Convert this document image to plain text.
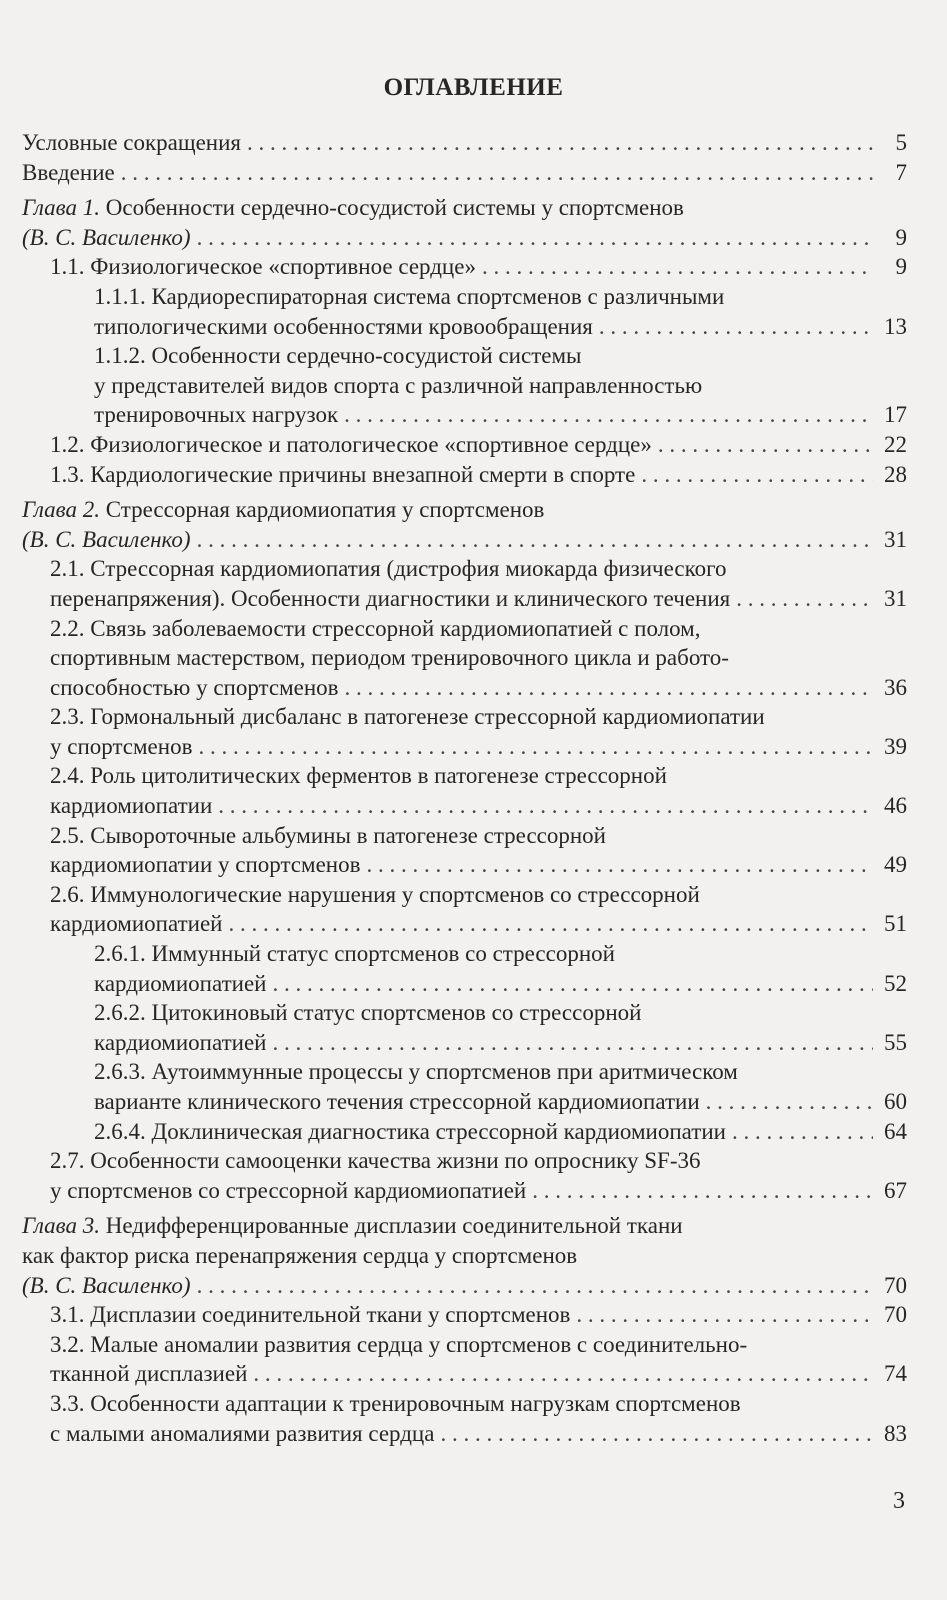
ОГЛАВЛЕНИЕ
Условные сокращения . . .	5
Введение . . .	7
Глава 1. Особенности сердечно-сосудистой системы у спортсменов
(В. С. Василенко) . . .	9
1.1. Физиологическое «спортивное сердце» . . .	9
1.1.1. Кардиореспираторная система спортсменов с различными
типологическими особенностями кровообращения . . .	13
1.1.2. Особенности сердечно-сосудистой системы
у представителей видов спорта с различной направленностью
тренировочных нагрузок . . .	17
1.2. Физиологическое и патологическое «спортивное сердце» . . .	22
1.3. Кардиологические причины внезапной смерти в спорте . . .	28
Глава 2. Стрессорная кардиомиопатия у спортсменов
(В. С. Василенко) . . .	31
2.1. Стрессорная кардиомиопатия (дистрофия миокарда физического
перенапряжения). Особенности диагностики и клинического течения . . .	31
2.2. Связь заболеваемости стрессорной кардиомиопатией с полом,
спортивным мастерством, периодом тренировочного цикла и работо-
способностью у спортсменов . . .	36
2.3. Гормональный дисбаланс в патогенезе стрессорной кардиомиопатии
у спортсменов . . .	39
2.4. Роль цитолитических ферментов в патогенезе стрессорной
кардиомиопатии . . .	46
2.5. Сывороточные альбумины в патогенезе стрессорной
кардиомиопатии у спортсменов . . .	49
2.6. Иммунологические нарушения у спортсменов со стрессорной
кардиомиопатией . . .	51
2.6.1. Иммунный статус спортсменов со стрессорной
кардиомиопатией . . .	52
2.6.2. Цитокиновый статус спортсменов со стрессорной
кардиомиопатией . . .	55
2.6.3. Аутоиммунные процессы у спортсменов при аритмическом
варианте клинического течения стрессорной кардиомиопатии . . .	60
2.6.4. Доклиническая диагностика стрессорной кардиомиопатии . . .	64
2.7. Особенности самооценки качества жизни по опроснику SF-36
у спортсменов со стрессорной кардиомиопатией . . .	67
Глава 3. Недифференцированные дисплазии соединительной ткани
как фактор риска перенапряжения сердца у спортсменов
(В. С. Василенко) . . .	70
3.1. Дисплазии соединительной ткани у спортсменов . . .	70
3.2. Малые аномалии развития сердца у спортсменов с соединительно-
тканной дисплазией . . .	74
3.3. Особенности адаптации к тренировочным нагрузкам спортсменов
с малыми аномалиями развития сердца . . .	83
3
